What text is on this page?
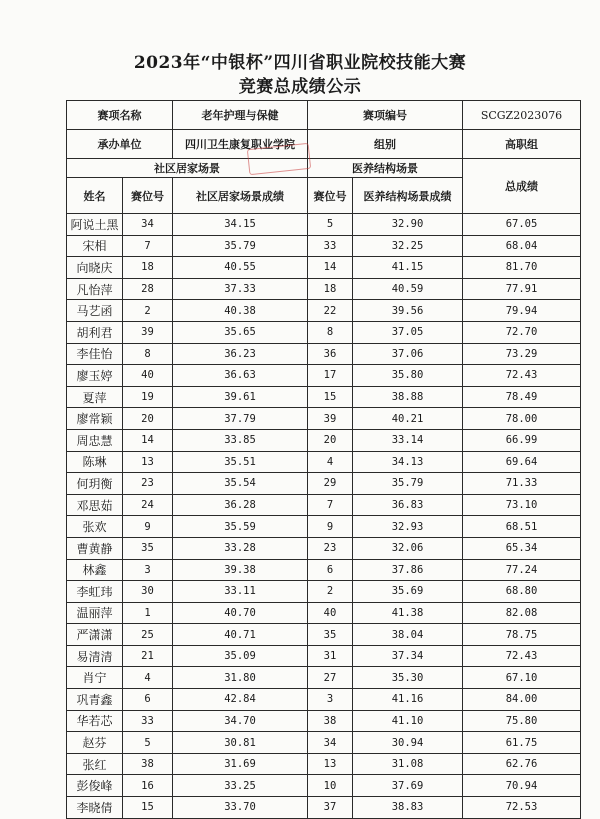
2023年“中银杯”四川省职业院校技能大赛
竞赛总成绩公示
赛项名称		老年护理与保健	赛项编号		SCGZ2023076
承办单位		四川卫生康复职业学院	组别		高职组
社区居家场景			医养结构场景		总成绩
姓名	赛位号	社区居家场景成绩	赛位号	医养结构场景成绩	
阿说土黑	34	34.15	5	32.90	67.05
宋相	7	35.79	33	32.25	68.04
向晓庆	18	40.55	14	41.15	81.70
凡怡萍	28	37.33	18	40.59	77.91
马艺函	2	40.38	22	39.56	79.94
胡利君	39	35.65	8	37.05	72.70
李佳怡	8	36.23	36	37.06	73.29
廖玉婷	40	36.63	17	35.80	72.43
夏萍	19	39.61	15	38.88	78.49
廖常颖	20	37.79	39	40.21	78.00
周忠慧	14	33.85	20	33.14	66.99
陈琳	13	35.51	4	34.13	69.64
何玥衡	23	35.54	29	35.79	71.33
邓思茹	24	36.28	7	36.83	73.10
张欢	9	35.59	9	32.93	68.51
曹黄静	35	33.28	23	32.06	65.34
林鑫	3	39.38	6	37.86	77.24
李虹玮	30	33.11	2	35.69	68.80
温丽萍	1	40.70	40	41.38	82.08
严潇潇	25	40.71	35	38.04	78.75
易清清	21	35.09	31	37.34	72.43
肖宁	4	31.80	27	35.30	67.10
巩青鑫	6	42.84	3	41.16	84.00
华若芯	33	34.70	38	41.10	75.80
赵芬	5	30.81	34	30.94	61.75
张红	38	31.69	13	31.08	62.76
彭俊峰	16	33.25	10	37.69	70.94
李晓倩	15	33.70	37	38.83	72.53
